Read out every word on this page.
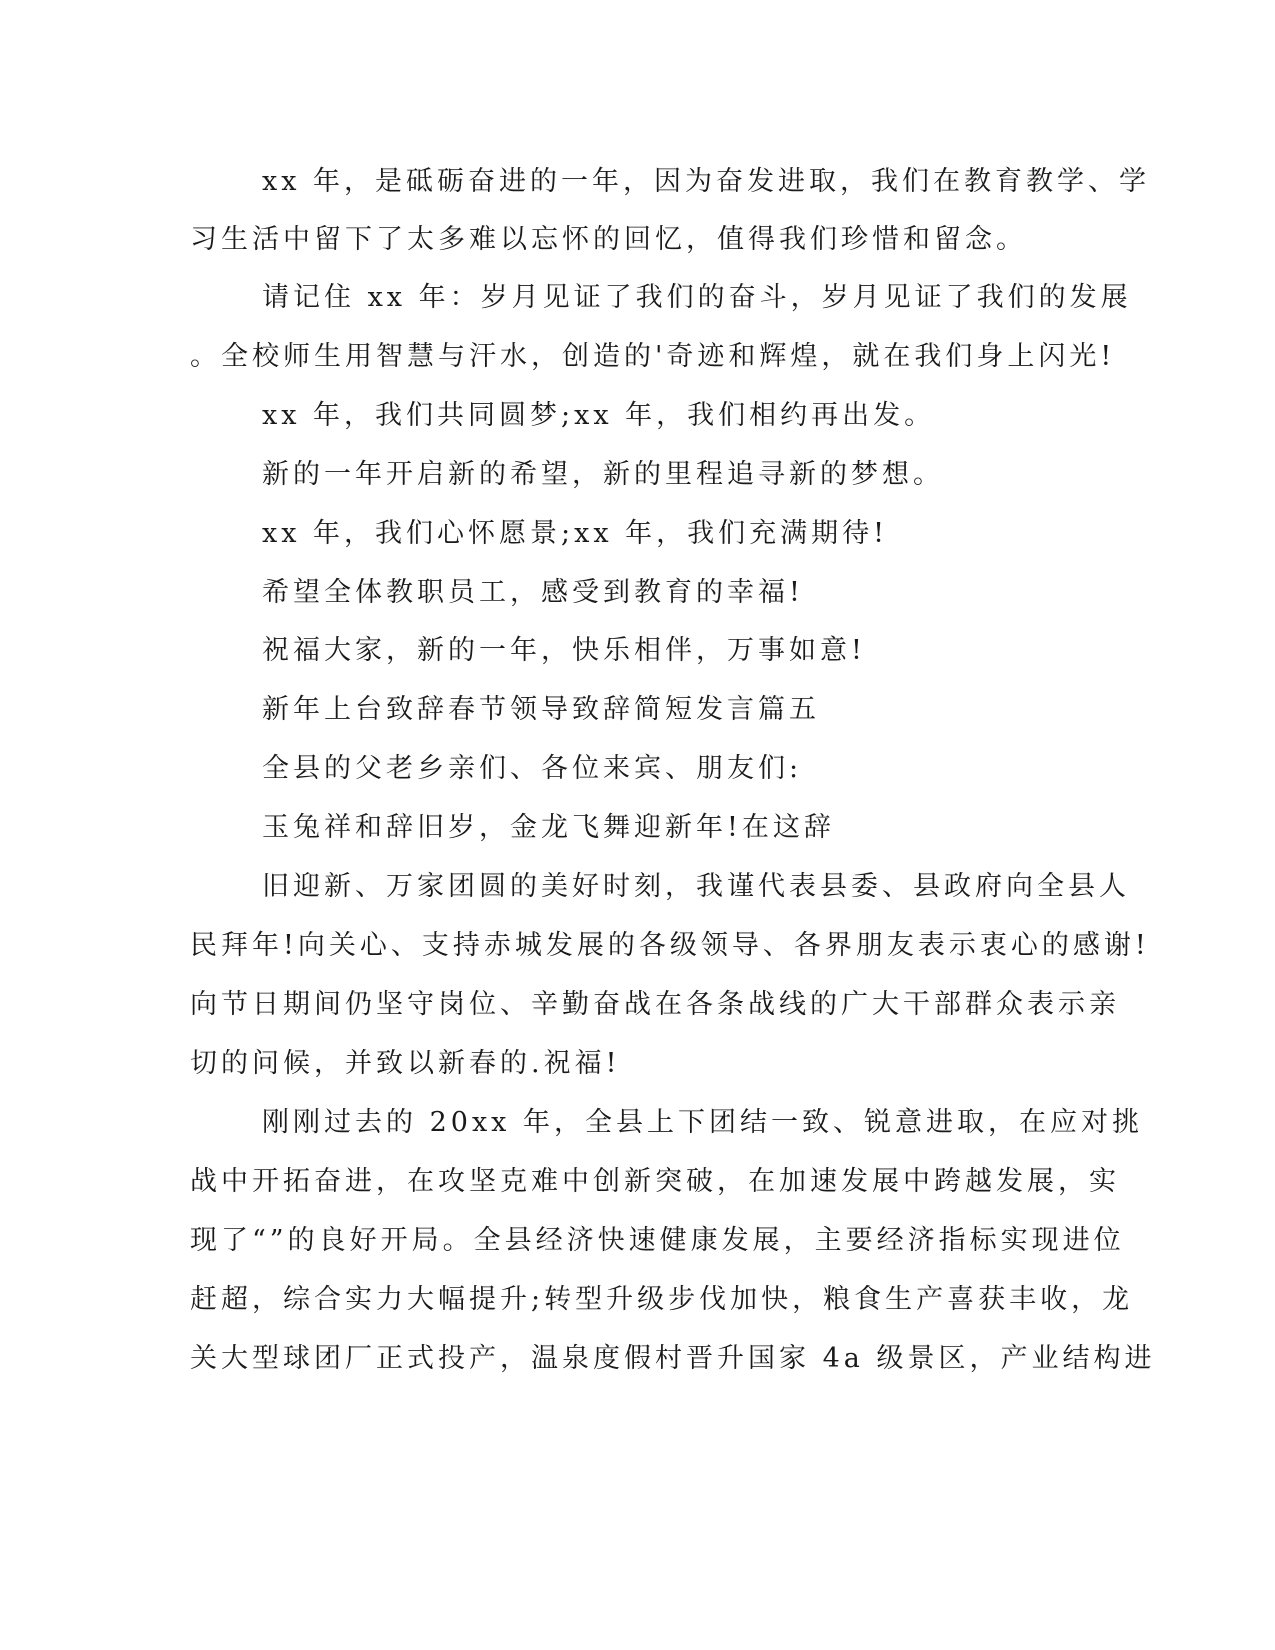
xx 年，是砥砺奋进的一年，因为奋发进取，我们在教育教学、学
习生活中留下了太多难以忘怀的回忆，值得我们珍惜和留念。
请记住 xx 年：岁月见证了我们的奋斗，岁月见证了我们的发展
。全校师生用智慧与汗水，创造的'奇迹和辉煌，就在我们身上闪光!
xx 年，我们共同圆梦;xx 年，我们相约再出发。
新的一年开启新的希望，新的里程追寻新的梦想。
xx 年，我们心怀愿景;xx 年，我们充满期待!
希望全体教职员工，感受到教育的幸福!
祝福大家，新的一年，快乐相伴，万事如意!
新年上台致辞春节领导致辞简短发言篇五
全县的父老乡亲们、各位来宾、朋友们:
玉兔祥和辞旧岁，金龙飞舞迎新年!在这辞
旧迎新、万家团圆的美好时刻，我谨代表县委、县政府向全县人
民拜年!向关心、支持赤城发展的各级领导、各界朋友表示衷心的感谢!
向节日期间仍坚守岗位、辛勤奋战在各条战线的广大干部群众表示亲
切的问候，并致以新春的.祝福!
刚刚过去的 20xx 年，全县上下团结一致、锐意进取，在应对挑
战中开拓奋进，在攻坚克难中创新突破，在加速发展中跨越发展，实
现了“”的良好开局。全县经济快速健康发展，主要经济指标实现进位
赶超，综合实力大幅提升;转型升级步伐加快，粮食生产喜获丰收，龙
关大型球团厂正式投产，温泉度假村晋升国家 4a 级景区，产业结构进
